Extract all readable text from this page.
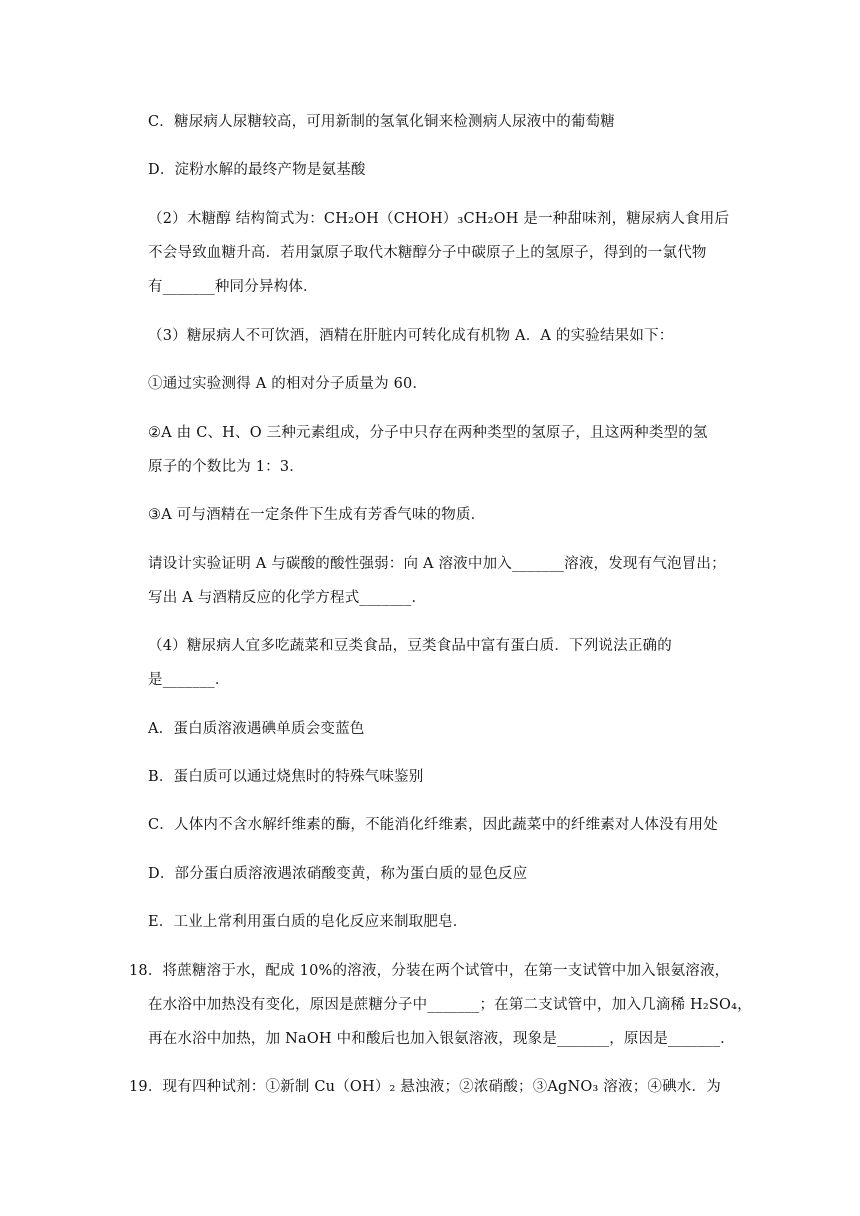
C．糖尿病人尿糖较高，可用新制的氢氧化铜来检测病人尿液中的葡萄糖
D．淀粉水解的最终产物是氨基酸
（2）木糖醇 结构简式为：CH₂OH（CHOH）₃CH₂OH 是一种甜味剂，糖尿病人食用后
不会导致血糖升高．若用氯原子取代木糖醇分子中碳原子上的氢原子，得到的一氯代物
有_______种同分异构体．
（3）糖尿病人不可饮酒，酒精在肝脏内可转化成有机物 A．A 的实验结果如下：
①通过实验测得 A 的相对分子质量为 60．
②A 由 C、H、O 三种元素组成，分子中只存在两种类型的氢原子，且这两种类型的氢
原子的个数比为 1：3．
③A 可与酒精在一定条件下生成有芳香气味的物质．
请设计实验证明 A 与碳酸的酸性强弱：向 A 溶液中加入_______溶液，发现有气泡冒出；
写出 A 与酒精反应的化学方程式_______．
（4）糖尿病人宜多吃蔬菜和豆类食品，豆类食品中富有蛋白质．下列说法正确的
是_______．
A．蛋白质溶液遇碘单质会变蓝色
B．蛋白质可以通过烧焦时的特殊气味鉴别
C．人体内不含水解纤维素的酶，不能消化纤维素，因此蔬菜中的纤维素对人体没有用处
D．部分蛋白质溶液遇浓硝酸变黄，称为蛋白质的显色反应
E．工业上常利用蛋白质的皂化反应来制取肥皂．
18．将蔗糖溶于水，配成 10%的溶液，分装在两个试管中，在第一支试管中加入银氨溶液，
在水浴中加热没有变化，原因是蔗糖分子中_______；在第二支试管中，加入几滴稀 H₂SO₄，
再在水浴中加热，加 NaOH 中和酸后也加入银氨溶液，现象是_______，原因是_______．
19．现有四种试剂：①新制 Cu（OH）₂ 悬浊液；②浓硝酸；③AgNO₃ 溶液；④碘水．为
